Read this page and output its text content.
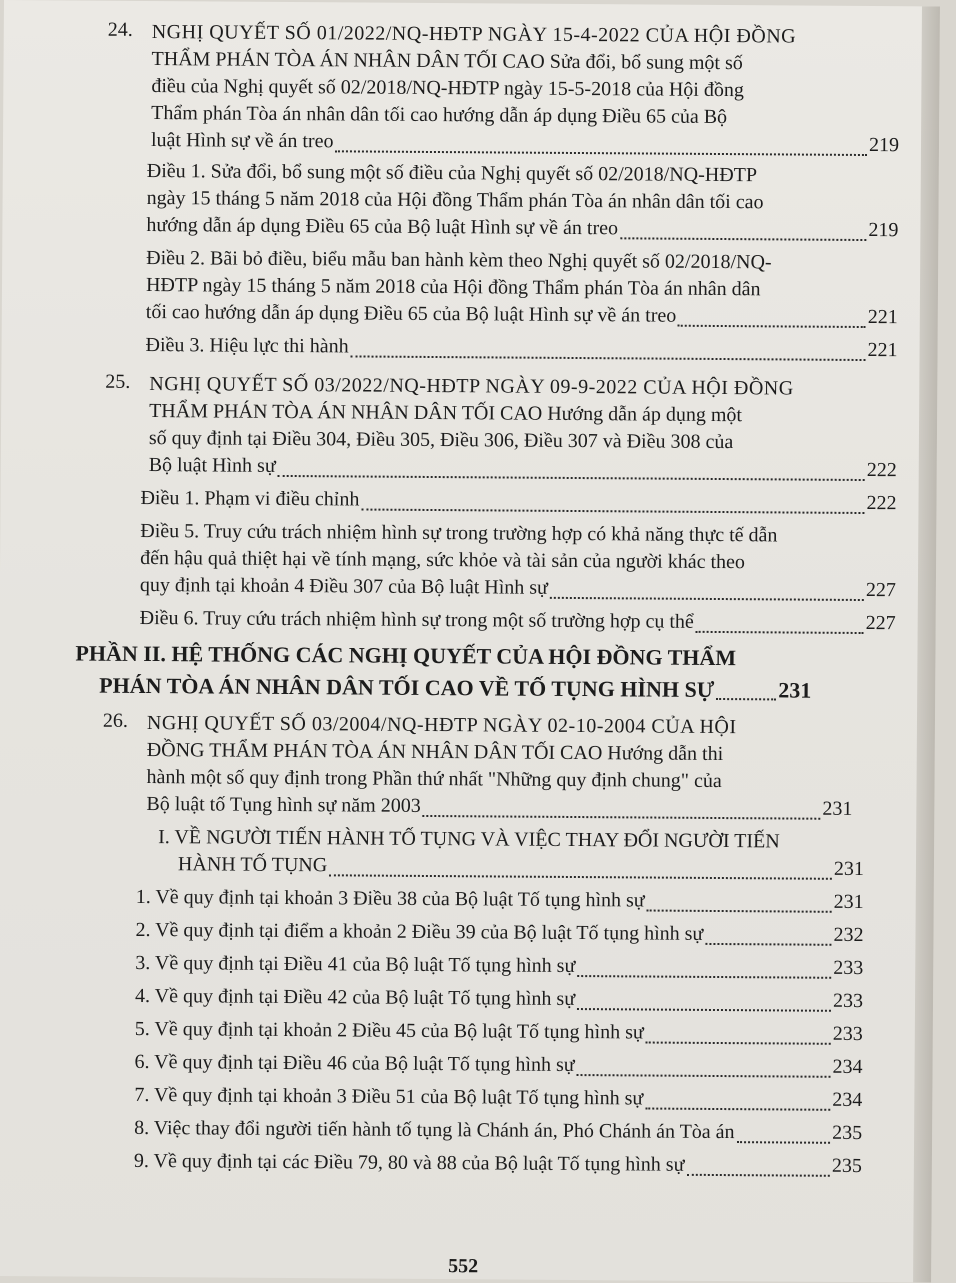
24. NGHỊ QUYẾT SỐ 01/2022/NQ-HĐTP NGÀY 15-4-2022 CỦA HỘI ĐỒNG
THẨM PHÁN TÒA ÁN NHÂN DÂN TỐI CAO Sửa đổi, bổ sung một số
điều của Nghị quyết số 02/2018/NQ-HĐTP ngày 15-5-2018 của Hội đồng
Thẩm phán Tòa án nhân dân tối cao hướng dẫn áp dụng Điều 65 của Bộ
luật Hình sự về án treo	219
Điều 1. Sửa đổi, bổ sung một số điều của Nghị quyết số 02/2018/NQ-HĐTP
ngày 15 tháng 5 năm 2018 của Hội đồng Thẩm phán Tòa án nhân dân tối cao
hướng dẫn áp dụng Điều 65 của Bộ luật Hình sự về án treo	219
Điều 2. Bãi bỏ điều, biểu mẫu ban hành kèm theo Nghị quyết số 02/2018/NQ-
HĐTP ngày 15 tháng 5 năm 2018 của Hội đồng Thẩm phán Tòa án nhân dân
tối cao hướng dẫn áp dụng Điều 65 của Bộ luật Hình sự về án treo	221
Điều 3. Hiệu lực thi hành	221
25. NGHỊ QUYẾT SỐ 03/2022/NQ-HĐTP NGÀY 09-9-2022 CỦA HỘI ĐỒNG
THẨM PHÁN TÒA ÁN NHÂN DÂN TỐI CAO Hướng dẫn áp dụng một
số quy định tại Điều 304, Điều 305, Điều 306, Điều 307 và Điều 308 của
Bộ luật Hình sự	222
Điều 1. Phạm vi điều chỉnh	222
Điều 5. Truy cứu trách nhiệm hình sự trong trường hợp có khả năng thực tế dẫn
đến hậu quả thiệt hại về tính mạng, sức khỏe và tài sản của người khác theo
quy định tại khoản 4 Điều 307 của Bộ luật Hình sự	227
Điều 6. Truy cứu trách nhiệm hình sự trong một số trường hợp cụ thể	227
PHẦN II. HỆ THỐNG CÁC NGHỊ QUYẾT CỦA HỘI ĐỒNG THẨM
PHÁN TÒA ÁN NHÂN DÂN TỐI CAO VỀ TỐ TỤNG HÌNH SỰ	231
26. NGHỊ QUYẾT SỐ 03/2004/NQ-HĐTP NGÀY 02-10-2004 CỦA HỘI
ĐỒNG THẨM PHÁN TÒA ÁN NHÂN DÂN TỐI CAO Hướng dẫn thi
hành một số quy định trong Phần thứ nhất "Những quy định chung" của
Bộ luật tố Tụng hình sự năm 2003	231
I. VỀ NGƯỜI TIẾN HÀNH TỐ TỤNG VÀ VIỆC THAY ĐỔI NGƯỜI TIẾN
HÀNH TỐ TỤNG	231
1. Về quy định tại khoản 3 Điều 38 của Bộ luật Tố tụng hình sự	231
2. Về quy định tại điểm a khoản 2 Điều 39 của Bộ luật Tố tụng hình sự	232
3. Về quy định tại Điều 41 của Bộ luật Tố tụng hình sự	233
4. Về quy định tại Điều 42 của Bộ luật Tố tụng hình sự	233
5. Về quy định tại khoản 2 Điều 45 của Bộ luật Tố tụng hình sự	233
6. Về quy định tại Điều 46 của Bộ luật Tố tụng hình sự	234
7. Về quy định tại khoản 3 Điều 51 của Bộ luật Tố tụng hình sự	234
8. Việc thay đổi người tiến hành tố tụng là Chánh án, Phó Chánh án Tòa án	235
9. Về quy định tại các Điều 79, 80 và 88 của Bộ luật Tố tụng hình sự	235
552
